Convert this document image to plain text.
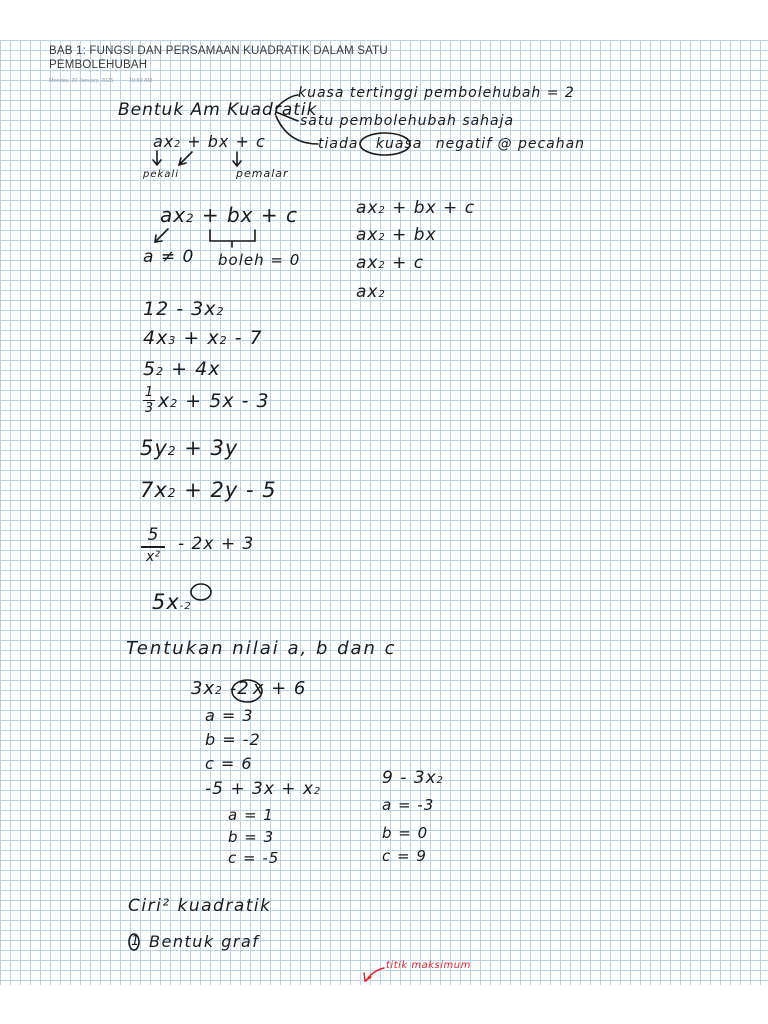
BAB 1: FUNGSI DAN PERSAMAAN KUADRATIK DALAM SATU
PEMBOLEHUBAH
Monday, 20 January, 2025	10:50 AM
Bentuk Am Kuadratik
kuasa tertinggi pembolehubah = 2
satu pembolehubah sahaja
tiada kuasa negatif @ pecahan
$ax^2$ + bx + c
pekali	pemalar
$ax^2$ + bx + c
a ≠ 0 boleh = 0
$ax^2$ + bx + c
$ax^2$ + bx
$ax^2 + c$
$ax^2$
$12 - 3x^2$
$4x^3 + x^2 - 7$
$5^2 + 4x$
1
3 $x^2 + 5x - 3$
$5y^2 + 3y$
$7x^2 + 2y - 5$
5
x²
- 2x + 3
$5x^{-2}$
Tentukan nilai a, b dan c
$3x^2$ -2 x + 6
a = 3
b = -2
c = 6
$-5 + 3x + x^2$
a = 1
b = 3
c = -5
$9 - 3x^2$
a = -3
b = 0
c = 9
Ciri² kuadratik
1 Bentuk graf
titik maksimum
